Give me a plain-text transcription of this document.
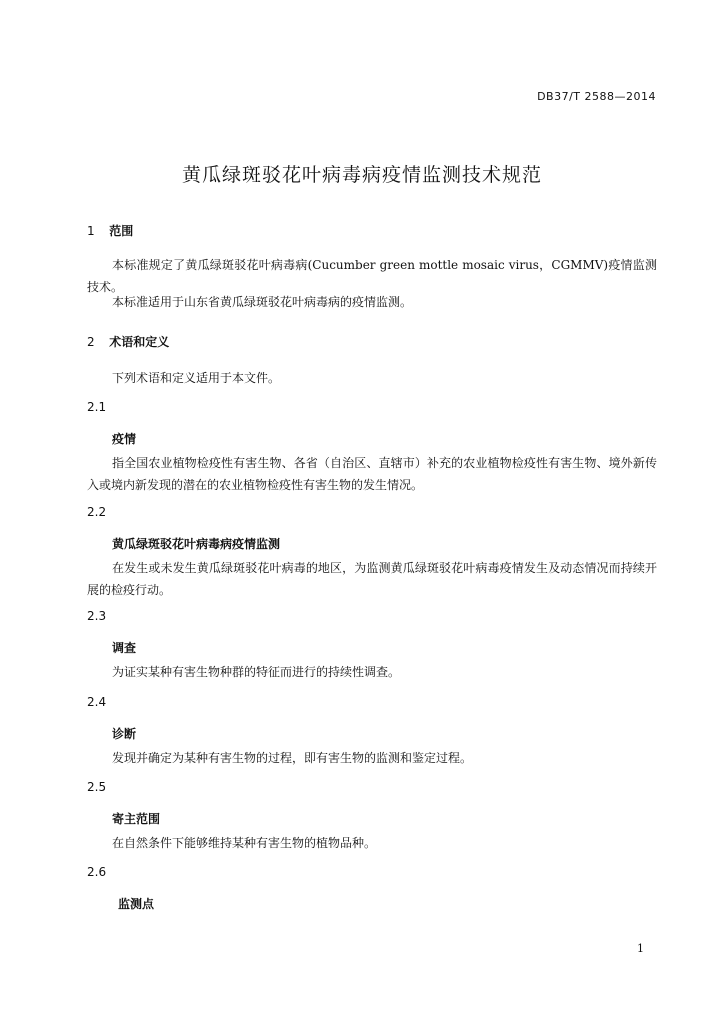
DB37/T 2588—2014
黄瓜绿斑驳花叶病毒病疫情监测技术规范
1 范围
本标准规定了黄瓜绿斑驳花叶病毒病(Cucumber green mottle mosaic virus，CGMMV)疫情监测技术。
本标准适用于山东省黄瓜绿斑驳花叶病毒病的疫情监测。
2 术语和定义
下列术语和定义适用于本文件。
2.1
疫情
指全国农业植物检疫性有害生物、各省（自治区、直辖市）补充的农业植物检疫性有害生物、境外新传入或境内新发现的潜在的农业植物检疫性有害生物的发生情况。
2.2
黄瓜绿斑驳花叶病毒病疫情监测
在发生或未发生黄瓜绿斑驳花叶病毒的地区，为监测黄瓜绿斑驳花叶病毒疫情发生及动态情况而持续开展的检疫行动。
2.3
调查
为证实某种有害生物种群的特征而进行的持续性调查。
2.4
诊断
发现并确定为某种有害生物的过程，即有害生物的监测和鉴定过程。
2.5
寄主范围
在自然条件下能够维持某种有害生物的植物品种。
2.6
监测点
1
